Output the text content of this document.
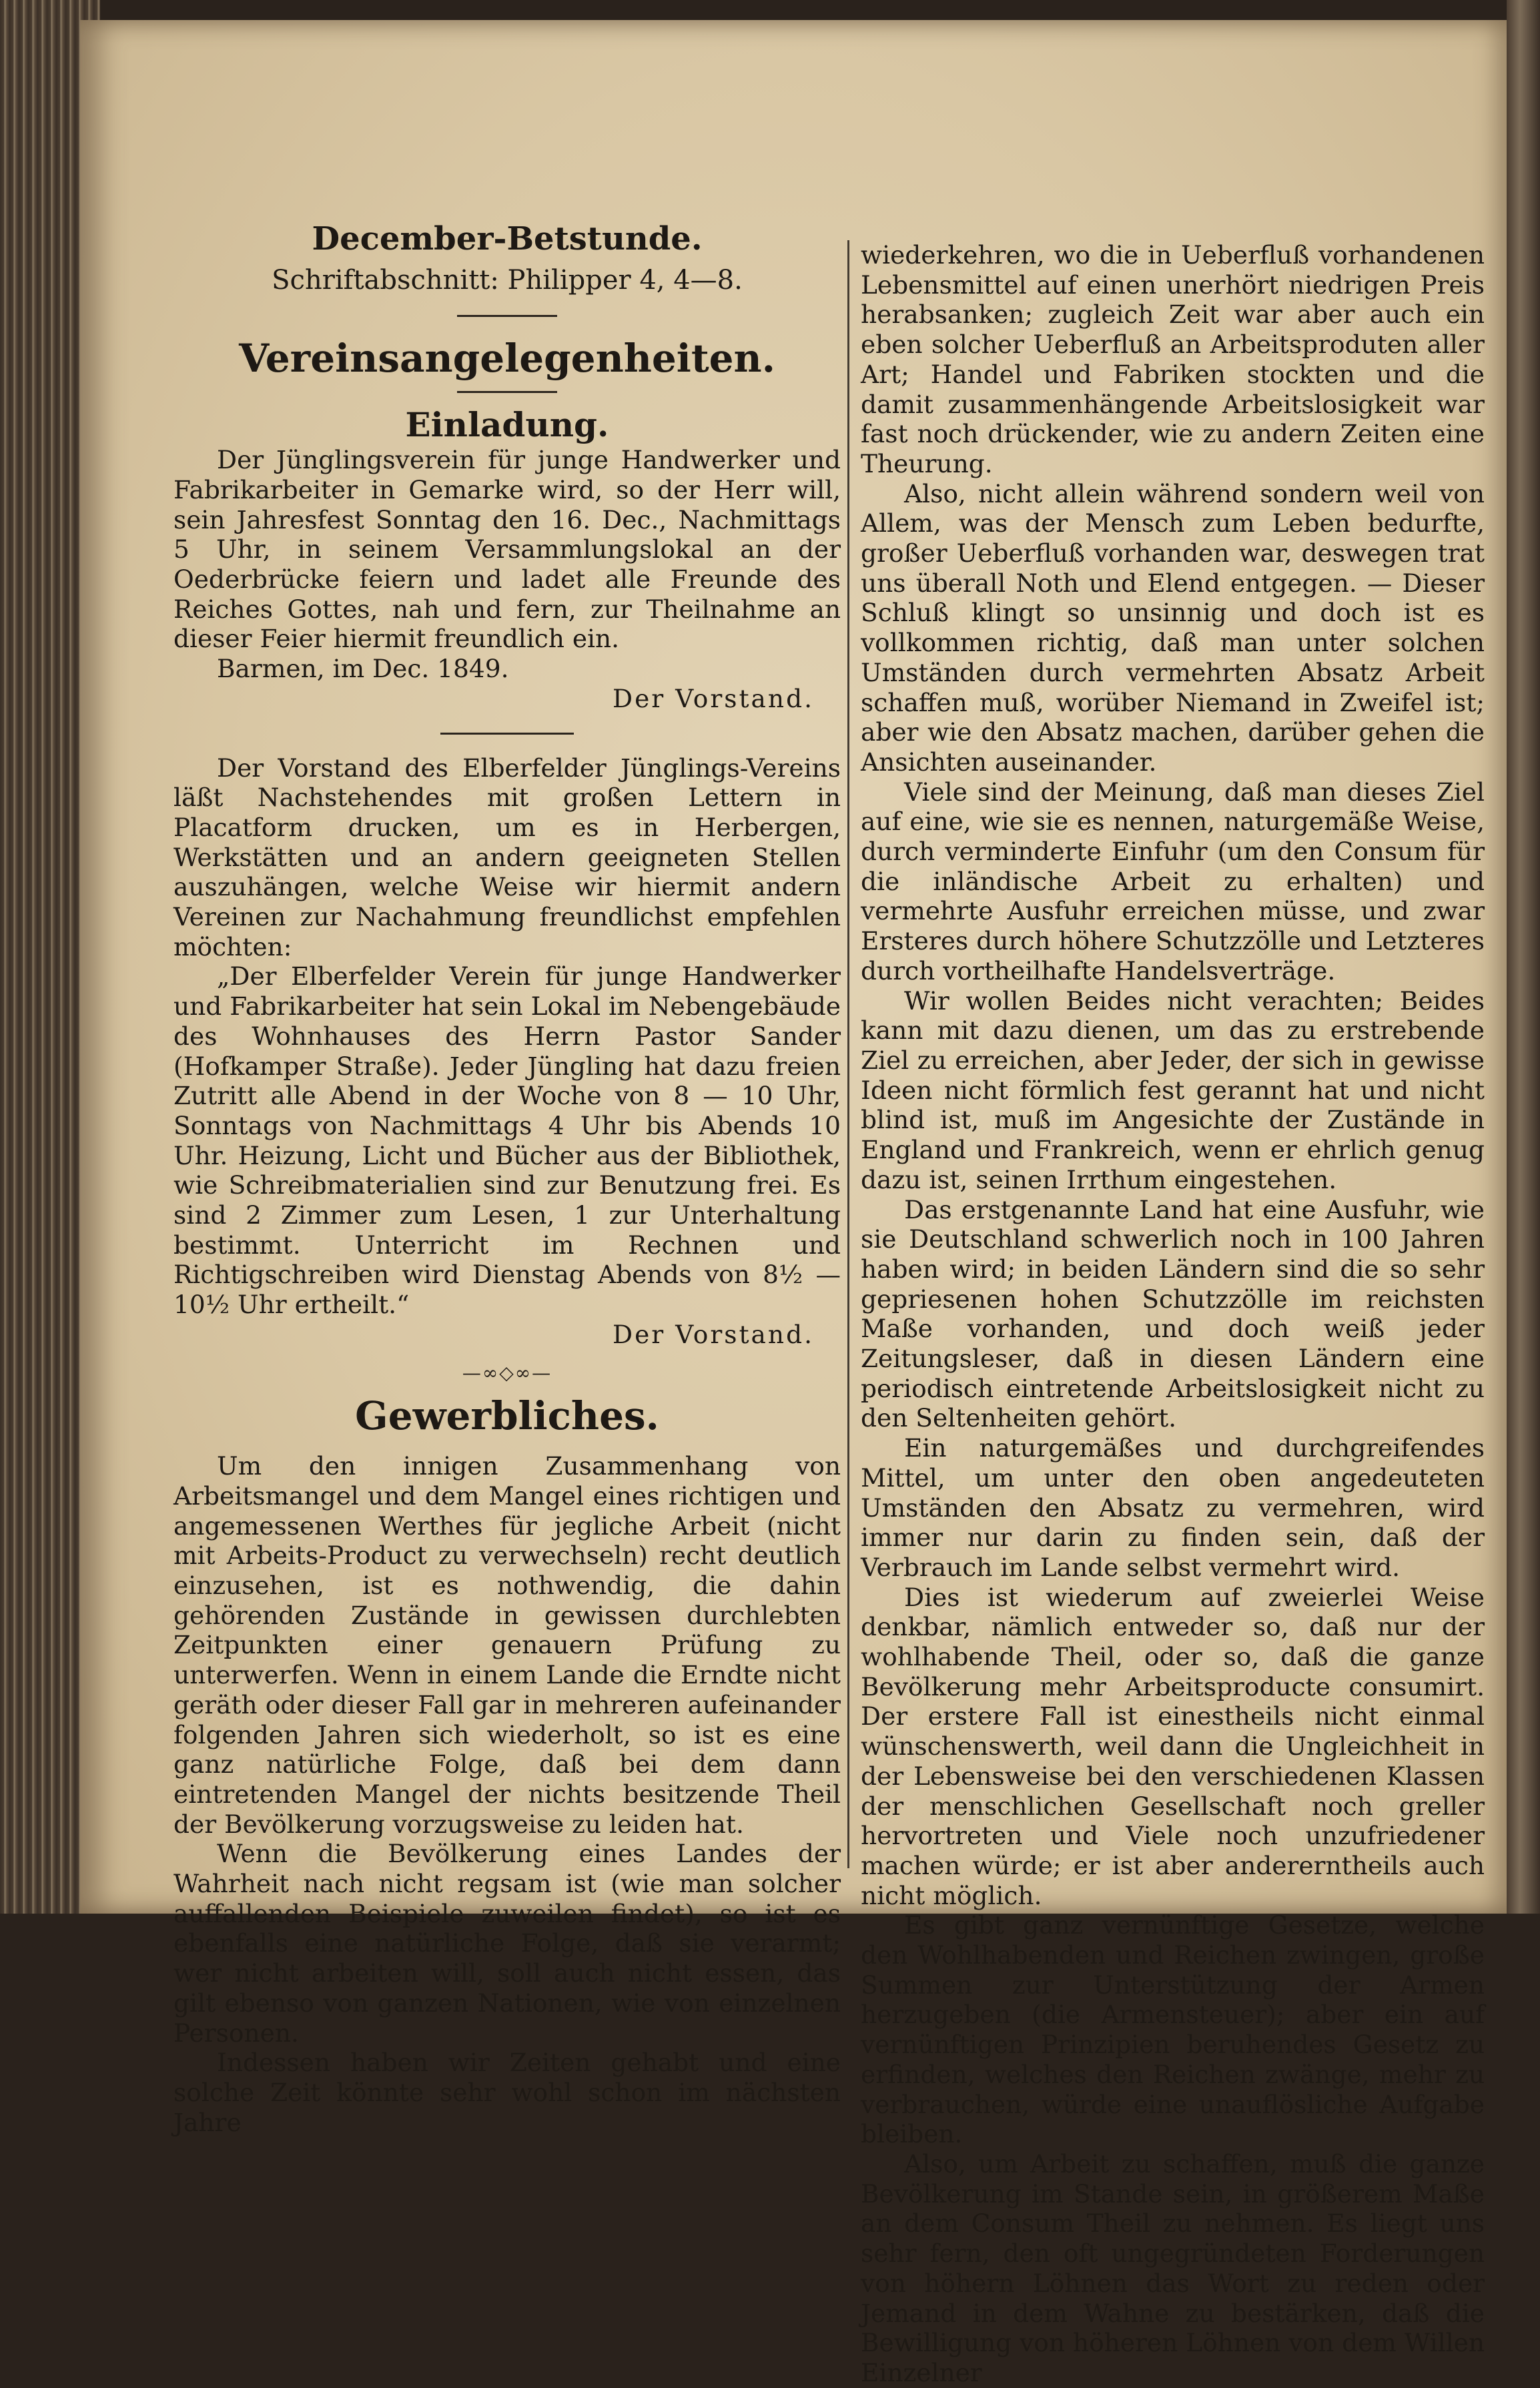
December-Betstunde.
Schriftabschnitt: Philipper 4, 4—8.
Vereinsangelegenheiten.
Einladung.

Der Jünglingsverein für junge Handwerker und Fabrikarbeiter in Gemarke wird, so der Herr will, sein Jahresfest Sonntag den 16. Dec., Nachmittags 5 Uhr, in seinem Versammlungslokal an der Oederbrücke feiern und ladet alle Freunde des Reiches Gottes, nah und fern, zur Theilnahme an dieser Feier hiermit freundlich ein.

Barmen, im Dec. 1849.

Der Vorstand.

Der Vorstand des Elberfelder Jünglings-Vereins läßt Nachstehendes mit großen Lettern in Placatform drucken, um es in Herbergen, Werkstätten und an andern geeigneten Stellen auszuhängen, welche Weise wir hiermit andern Vereinen zur Nachahmung freundlichst empfehlen möchten:

„Der Elberfelder Verein für junge Handwerker und Fabrikarbeiter hat sein Lokal im Nebengebäude des Wohnhauses des Herrn Pastor Sander (Hofkamper Straße). Jeder Jüngling hat dazu freien Zutritt alle Abend in der Woche von 8 — 10 Uhr, Sonntags von Nachmittags 4 Uhr bis Abends 10 Uhr. Heizung, Licht und Bücher aus der Bibliothek, wie Schreibmaterialien sind zur Benutzung frei. Es sind 2 Zimmer zum Lesen, 1 zur Unterhaltung bestimmt. Unterricht im Rechnen und Richtigschreiben wird Dienstag Abends von 8½ — 10½ Uhr ertheilt.“

Der Vorstand.

—∞◇∞—
Gewerbliches.

Um den innigen Zusammenhang von Arbeitsmangel und dem Mangel eines richtigen und angemessenen Werthes für jegliche Arbeit (nicht mit Arbeits-Product zu verwechseln) recht deutlich einzusehen, ist es nothwendig, die dahin gehörenden Zustände in gewissen durchlebten Zeitpunkten einer genauern Prüfung zu unterwerfen. Wenn in einem Lande die Erndte nicht geräth oder dieser Fall gar in mehreren aufeinander folgenden Jahren sich wiederholt, so ist es eine ganz natürliche Folge, daß bei dem dann eintretenden Mangel der nichts besitzende Theil der Bevölkerung vorzugsweise zu leiden hat.

Wenn die Bevölkerung eines Landes der Wahrheit nach nicht regsam ist (wie man solcher auffallenden Beispiele zuweilen findet), so ist es ebenfalls eine natürliche Folge, daß sie verarmt; wer nicht arbeiten will, soll auch nicht essen, das gilt ebenso von ganzen Nationen, wie von einzelnen Personen.

Indessen haben wir Zeiten gehabt und eine solche Zeit könnte sehr wohl schon im nächsten Jahre

wiederkehren, wo die in Ueberfluß vorhandenen Lebensmittel auf einen unerhört niedrigen Preis herabsanken; zugleich Zeit war aber auch ein eben solcher Ueberfluß an Arbeitsproduten aller Art; Handel und Fabriken stockten und die damit zusammenhängende Arbeitslosigkeit war fast noch drückender, wie zu andern Zeiten eine Theurung.

Also, nicht allein während sondern weil von Allem, was der Mensch zum Leben bedurfte, großer Ueberfluß vorhanden war, deswegen trat uns überall Noth und Elend entgegen. — Dieser Schluß klingt so unsinnig und doch ist es vollkommen richtig, daß man unter solchen Umständen durch vermehrten Absatz Arbeit schaffen muß, worüber Niemand in Zweifel ist; aber wie den Absatz machen, darüber gehen die Ansichten auseinander.

Viele sind der Meinung, daß man dieses Ziel auf eine, wie sie es nennen, naturgemäße Weise, durch verminderte Einfuhr (um den Consum für die inländische Arbeit zu erhalten) und vermehrte Ausfuhr erreichen müsse, und zwar Ersteres durch höhere Schutzzölle und Letzteres durch vortheilhafte Handelsverträge.

Wir wollen Beides nicht verachten; Beides kann mit dazu dienen, um das zu erstrebende Ziel zu erreichen, aber Jeder, der sich in gewisse Ideen nicht förmlich fest gerannt hat und nicht blind ist, muß im Angesichte der Zustände in England und Frankreich, wenn er ehrlich genug dazu ist, seinen Irrthum eingestehen.

Das erstgenannte Land hat eine Ausfuhr, wie sie Deutschland schwerlich noch in 100 Jahren haben wird; in beiden Ländern sind die so sehr gepriesenen hohen Schutzzölle im reichsten Maße vorhanden, und doch weiß jeder Zeitungsleser, daß in diesen Ländern eine periodisch eintretende Arbeitslosigkeit nicht zu den Seltenheiten gehört.

Ein naturgemäßes und durchgreifendes Mittel, um unter den oben angedeuteten Umständen den Absatz zu vermehren, wird immer nur darin zu finden sein, daß der Verbrauch im Lande selbst vermehrt wird.

Dies ist wiederum auf zweierlei Weise denkbar, nämlich entweder so, daß nur der wohlhabende Theil, oder so, daß die ganze Bevölkerung mehr Arbeitsproducte consumirt. Der erstere Fall ist einestheils nicht einmal wünschenswerth, weil dann die Ungleichheit in der Lebensweise bei den verschiedenen Klassen der menschlichen Gesellschaft noch greller hervortreten und Viele noch unzufriedener machen würde; er ist aber andererntheils auch nicht möglich.

Es gibt ganz vernünftige Gesetze, welche den Wohlhabenden und Reichen zwingen, große Summen zur Unterstützung der Armen herzugeben (die Armensteuer); aber ein auf vernünftigen Prinzipien beruhendes Gesetz zu erfinden, welches den Reichen zwänge, mehr zu verbrauchen, würde eine unauflösliche Aufgabe bleiben.

Also, um Arbeit zu schaffen, muß die ganze Bevölkerung im Stande sein, in größerem Maße an dem Consum Theil zu nehmen. Es liegt uns sehr fern, den oft ungegründeten Forderungen von höhern Löhnen das Wort zu reden oder Jemand in dem Wahne zu bestärken, daß die Bewilligung von höheren Löhnen von dem Willen Einzelner
